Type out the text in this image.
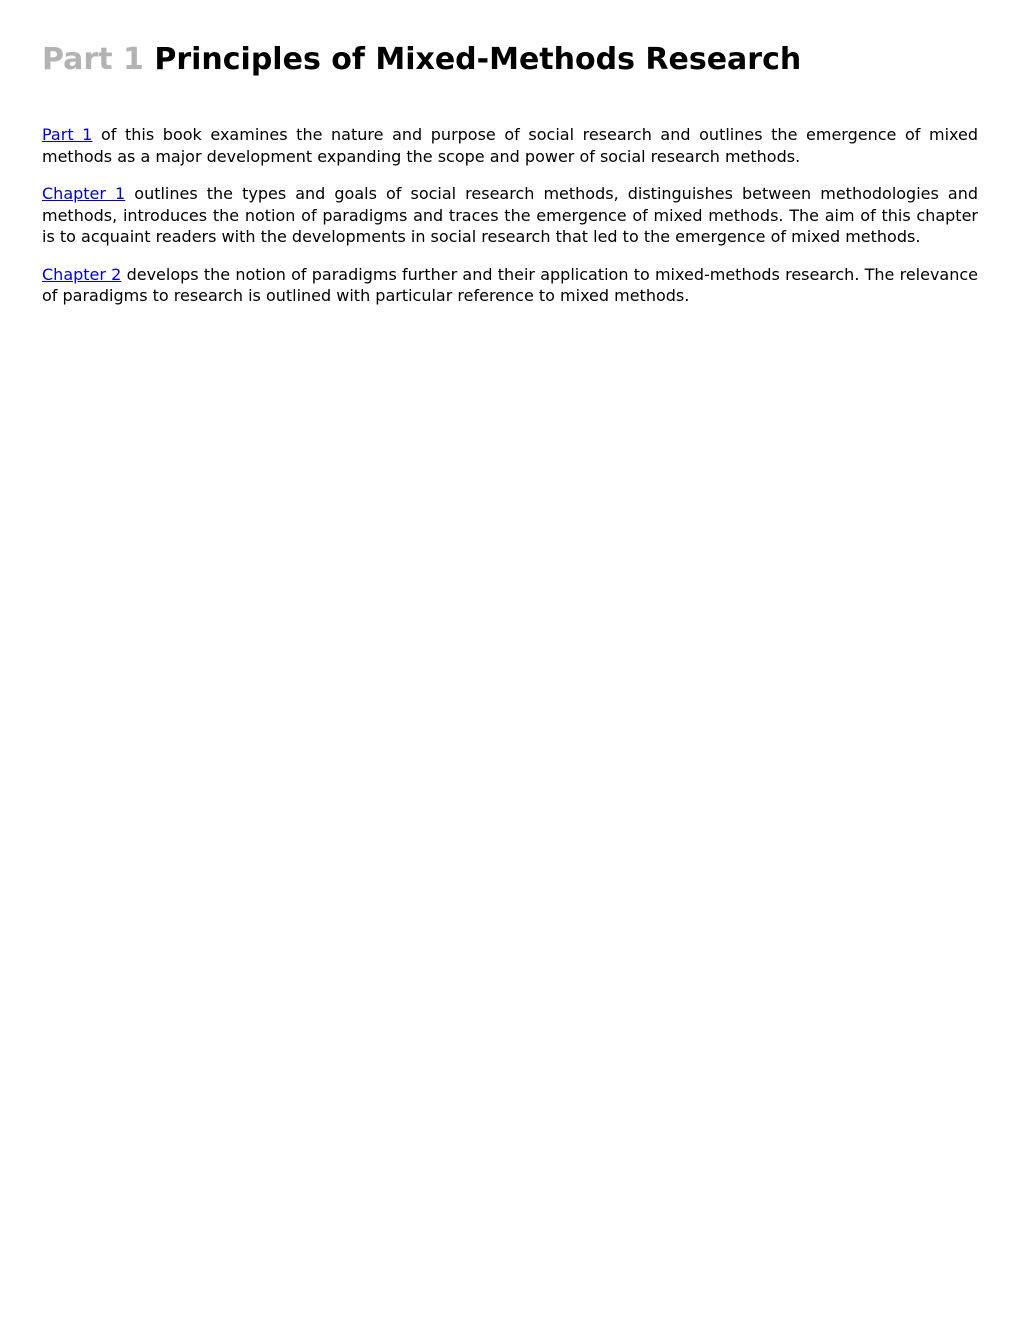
Part 1 Principles of Mixed-Methods Research

Part 1 of this book examines the nature and purpose of social research and outlines the emergence of mixed methods as a major development expanding the scope and power of social research methods.

Chapter 1 outlines the types and goals of social research methods, distinguishes between methodologies and methods, introduces the notion of paradigms and traces the emergence of mixed methods. The aim of this chapter is to acquaint readers with the developments in social research that led to the emergence of mixed methods.

Chapter 2 develops the notion of paradigms further and their application to mixed-methods research. The relevance of paradigms to research is outlined with particular reference to mixed methods.
